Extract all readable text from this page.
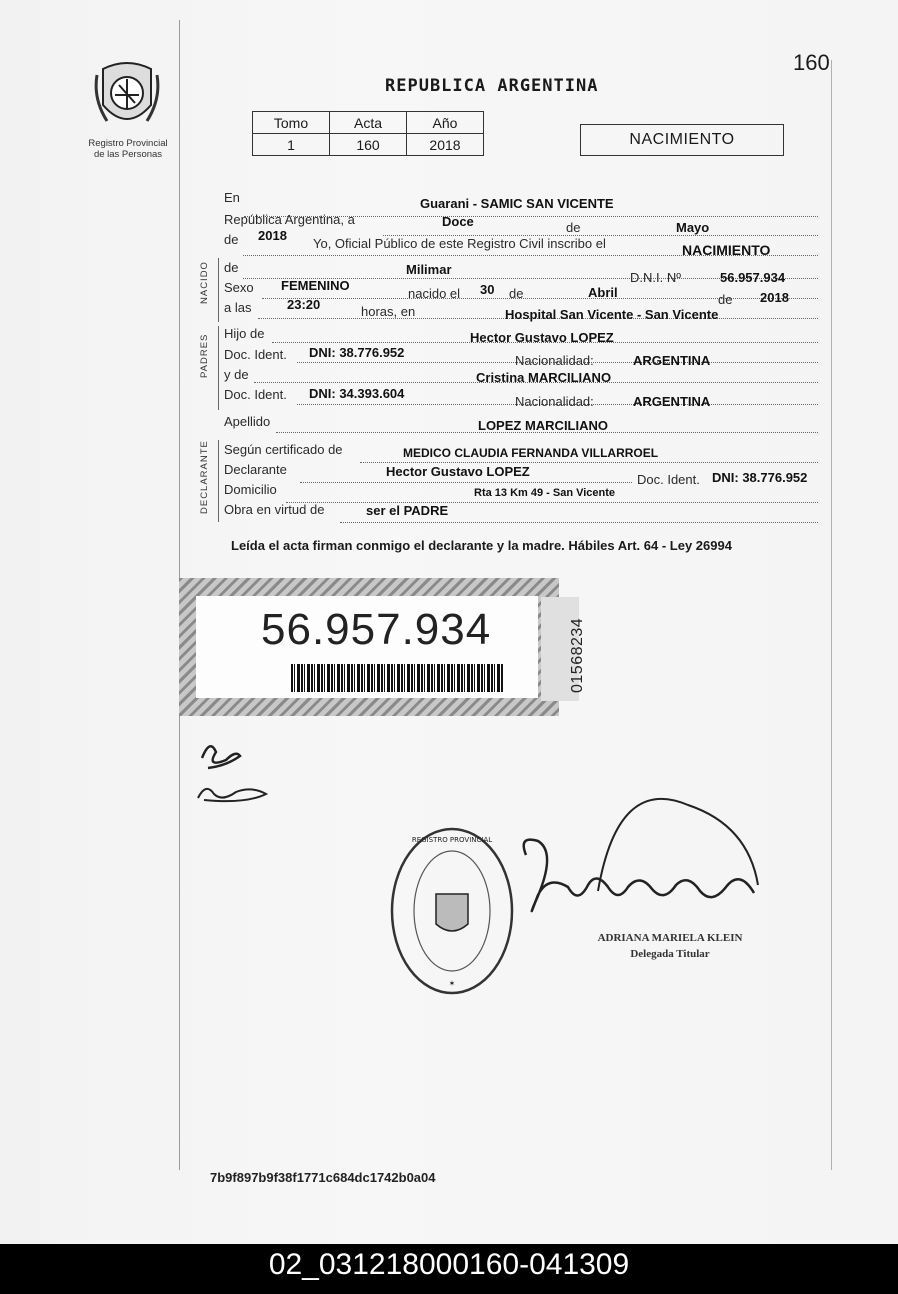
160
Registro Provincial
de las Personas
REPUBLICA ARGENTINA
Tomo	Acta	Año
1	160	2018	NACIMIENTO
En	Guarani - SAMIC SAN VICENTE
República Argentina, a	Doce	de	Mayo
de 2018
Yo, Oficial Público de este Registro Civil inscribo el	NACIMIENTO
NACIDO de	Milimar
D.N.I. Nº	56.957.934
Sexo FEMENINO
nacido el 30 de	Abril	de 2018
a las	23:20	horas, en	Hospital San Vicente - San Vicente
PADRES
Hijo de	Hector Gustavo LOPEZ
Doc. Ident. DNI: 38.776.952
Nacionalidad:	ARGENTINA
y de	Cristina MARCILIANO
Doc. Ident. DNI: 34.393.604
Nacionalidad:	ARGENTINA
Apellido	LOPEZ MARCILIANO
DECLARANTE Según certificado de	MEDICO CLAUDIA FERNANDA VILLARROEL
Declarante	Hector Gustavo LOPEZ
Doc. Ident. DNI: 38.776.952
Domicilio	Rta 13 Km 49 - San Vicente
Obra en virtud de	ser el PADRE
Leída el acta firman conmigo el declarante y la madre. Hábiles Art. 64 - Ley 26994
56.957.934	01568234
REGISTRO PROVINCIAL
✶
ADRIANA MARIELA KLEIN
Delegada Titular
7b9f897b9f38f1771c684dc1742b0a04
02_031218000160-041309
